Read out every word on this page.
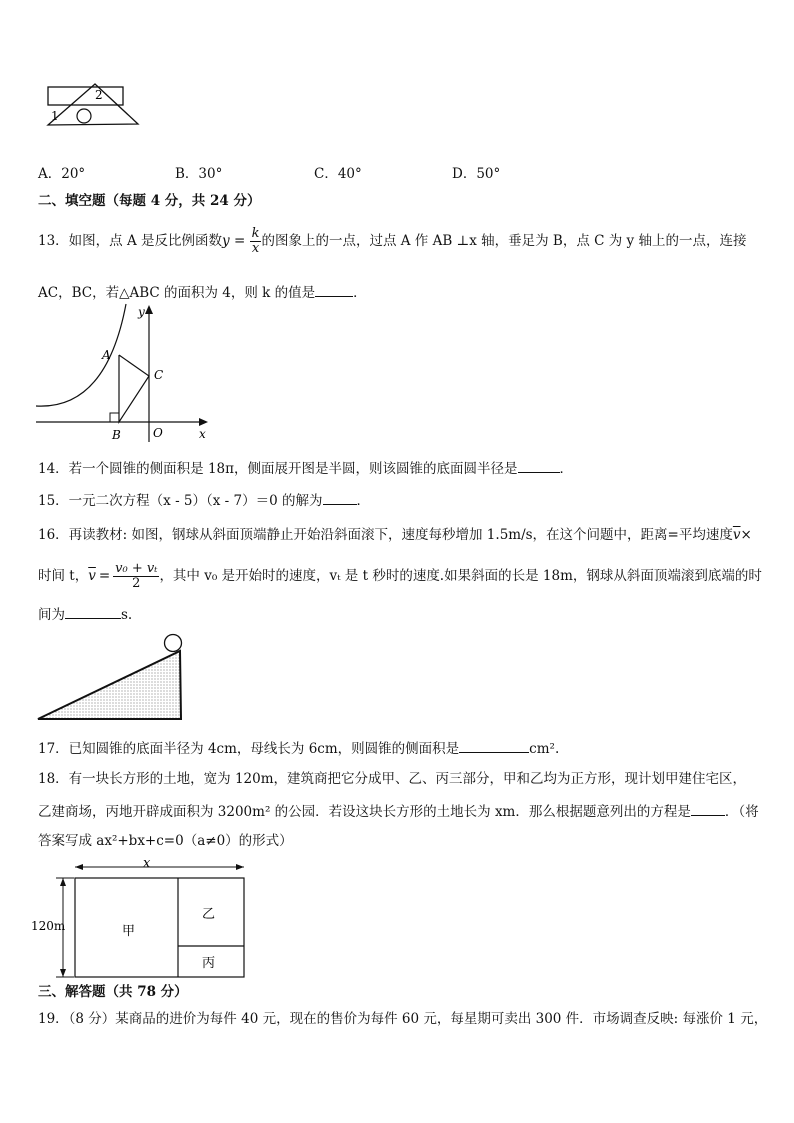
1
2
A．20°	B．30°	C．40°	D．50°
二、填空题（每题 4 分，共 24 分）
13．如图，点 A 是反比例函数 $y = \frac{k}{x}$ 的图象上的一点，过点 A 作 AB ⊥x 轴，垂足为 B，点 C 为 y 轴上的一点，连接
AC，BC，若△ABC 的面积为 4，则 k 的值是	．
y
A
C
B	O	x
14．若一个圆锥的侧面积是 18π，侧面展开图是半圆，则该圆锥的底面圆半径是	．
15．一元二次方程（x - 5）（x - 7）＝0 的解为	．
16．再读教材: 如图，钢球从斜面顶端静止开始沿斜面滚下，速度每秒增加 1.5m/s，在这个问题中，距离=平均速度$\overline{v}\times$
时间 t， $\overline{v} = \frac{\text{v₀ + vₜ}}{2}$ ，其中 v₀ 是开始时的速度，vₜ 是 t 秒时的速度.如果斜面的长是 18m，钢球从斜面顶端滚到底端的时
间为	s.
17．已知圆锥的底面半径为 4cm，母线长为 6cm，则圆锥的侧面积是	cm².
18．有一块长方形的土地，宽为 120m，建筑商把它分成甲、乙、丙三部分，甲和乙均为正方形，现计划甲建住宅区，
乙建商场，丙地开辟成面积为 3200m² 的公园．若设这块长方形的土地长为 xm．那么根据题意列出的方程是	．（将
答案写成 ax²+bx+c=0（a≠0）的形式）
x
120m	甲
乙
丙
三、解答题（共 78 分）
19．（8 分）某商品的进价为每件 40 元，现在的售价为每件 60 元，每星期可卖出 300 件．市场调查反映: 每涨价 1 元，
